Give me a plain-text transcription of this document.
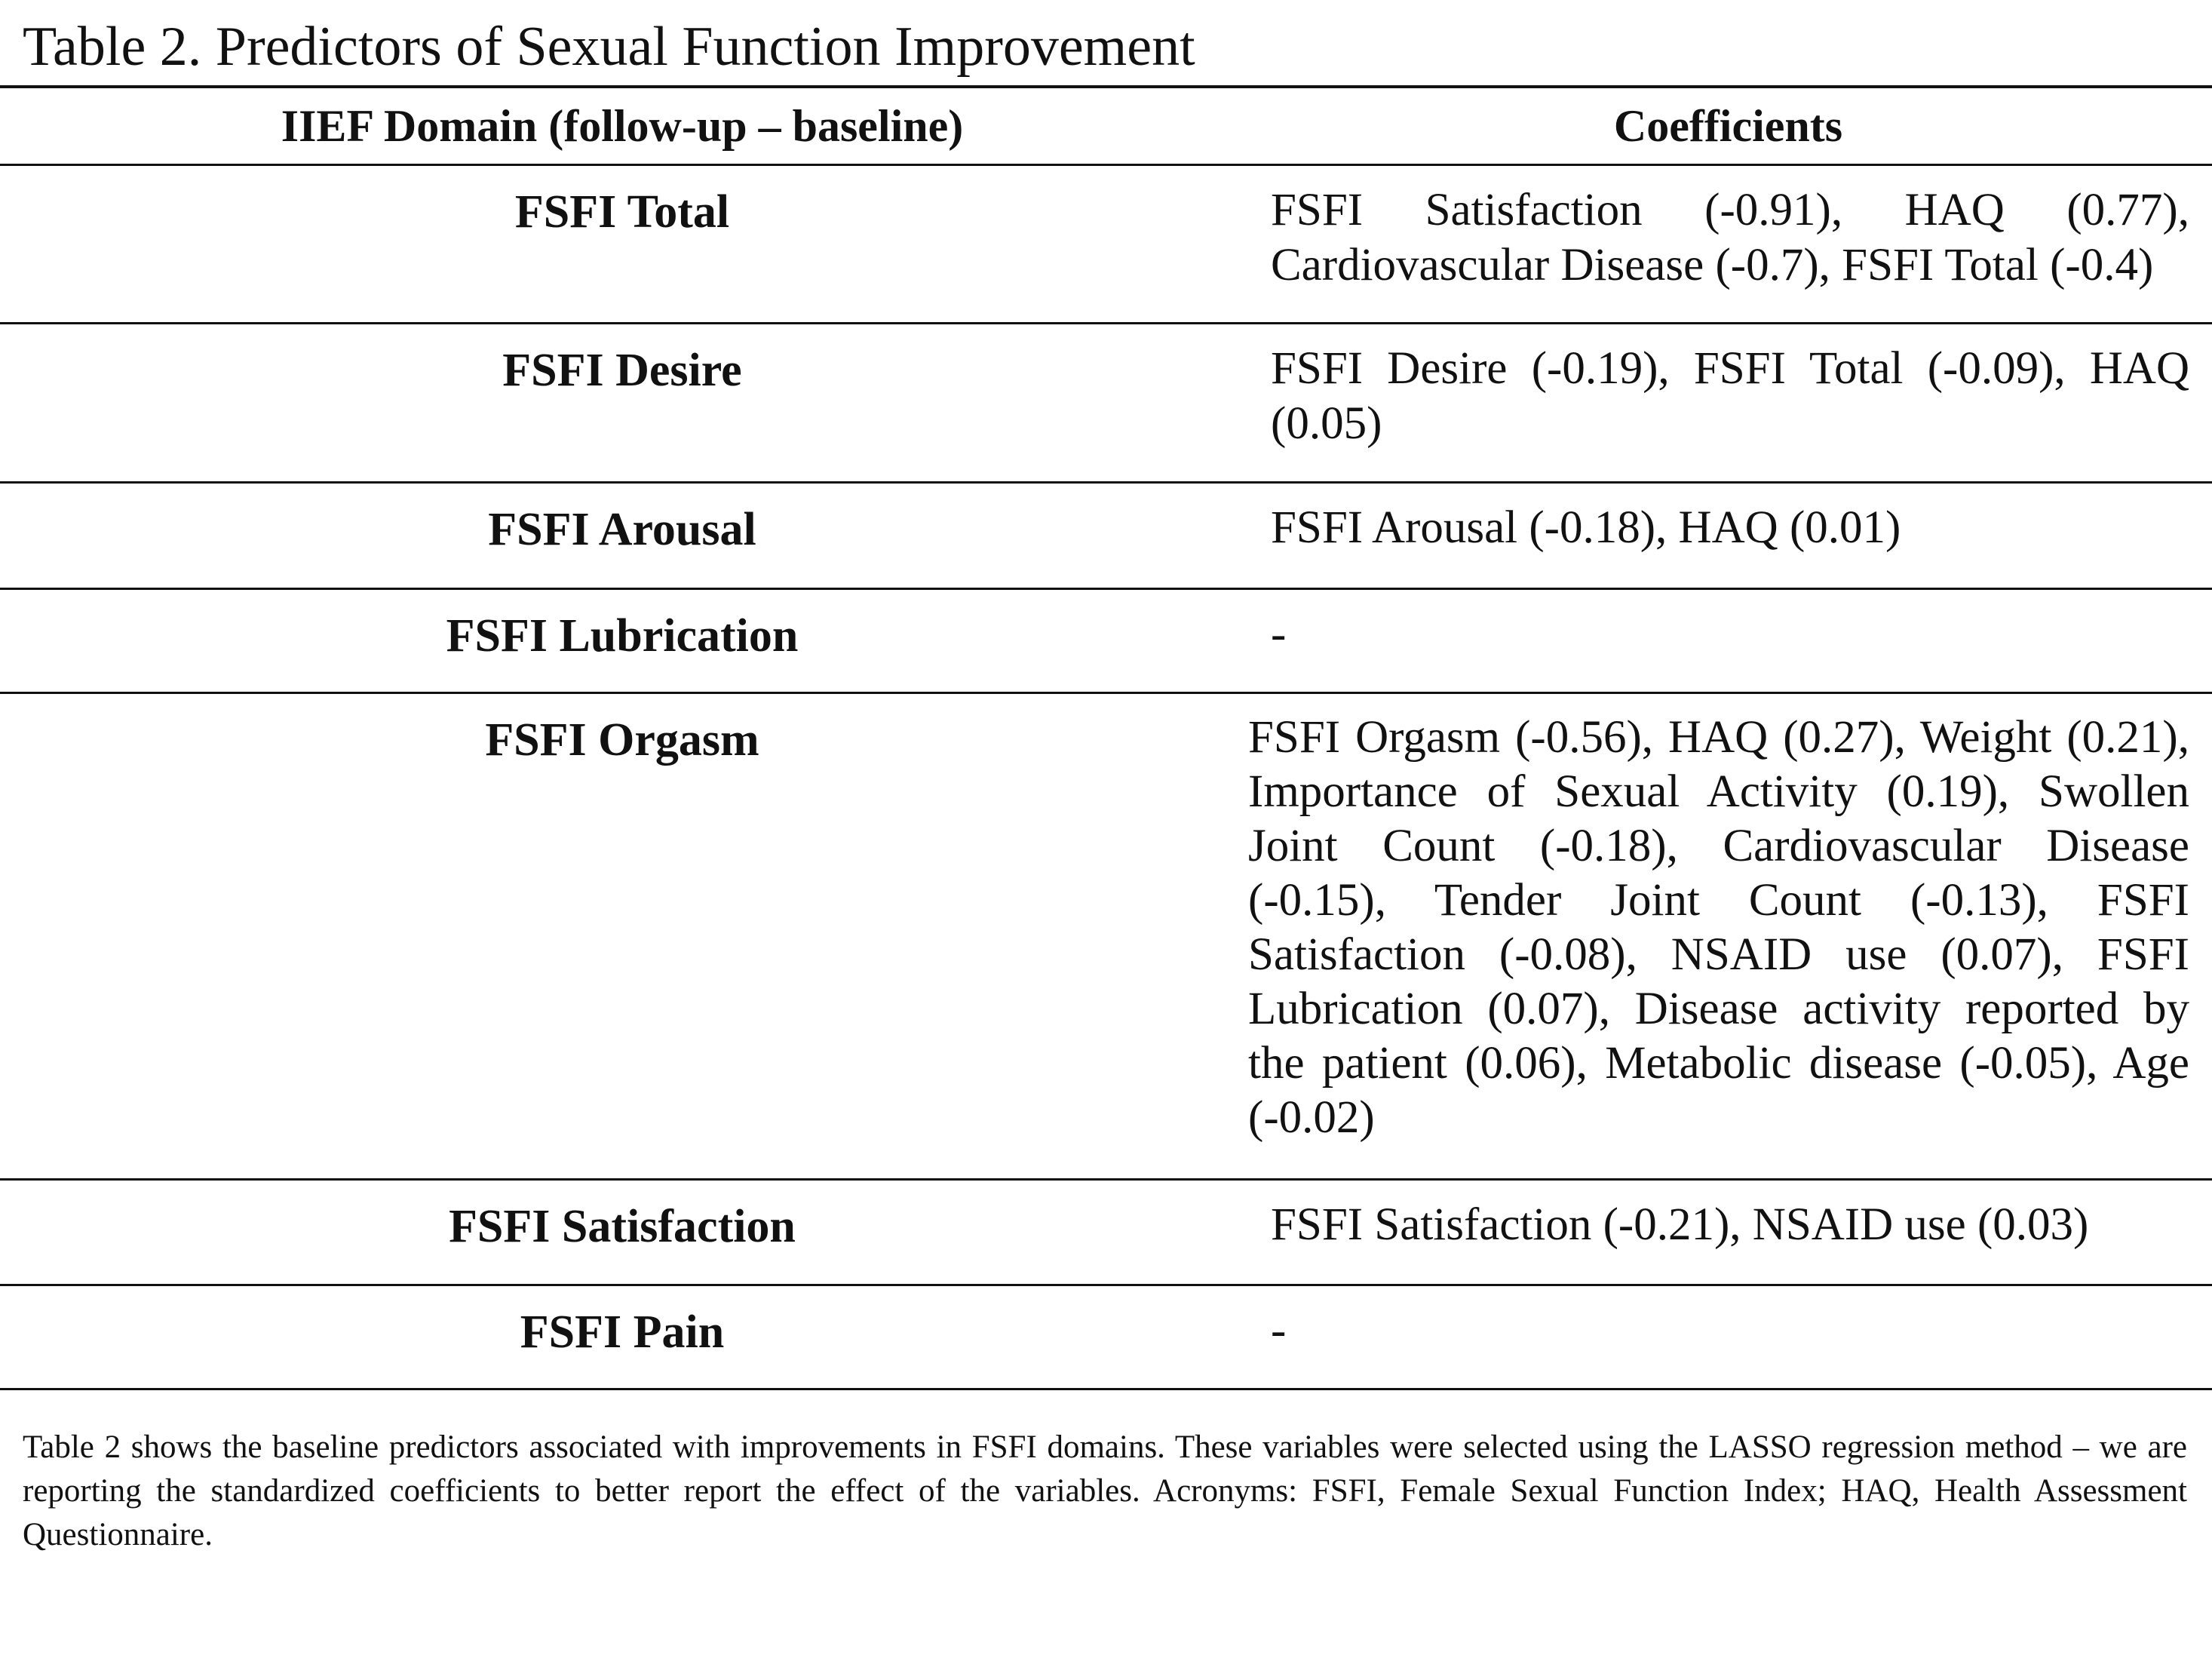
Table 2. Predictors of Sexual Function Improvement
IIEF Domain (follow-up – baseline)	Coefficients
FSFI Total	FSFI Satisfaction (-0.91), HAQ (0.77), Cardiovascular Disease (-0.7), FSFI Total (-0.4)
FSFI Desire	FSFI Desire (-0.19), FSFI Total (-0.09), HAQ (0.05)
FSFI Arousal	FSFI Arousal (-0.18), HAQ (0.01)
FSFI Lubrication	-
FSFI Orgasm	FSFI Orgasm (-0.56), HAQ (0.27), Weight (0.21), Importance of Sexual Activity (0.19), Swollen Joint Count (-0.18), Cardiovascular Disease (-0.15), Tender Joint Count (-0.13), FSFI Satisfaction (-0.08), NSAID use (0.07), FSFI Lubrication (0.07), Disease activity reported by the patient (0.06), Metabolic disease (-0.05), Age (-0.02)
FSFI Satisfaction	FSFI Satisfaction (-0.21), NSAID use (0.03)
FSFI Pain	-
Table 2 shows the baseline predictors associated with improvements in FSFI domains. These variables were selected using the LASSO regression method – we are reporting the standardized coefficients to better report the effect of the variables. Acronyms: FSFI, Female Sexual Function Index; HAQ, Health Assessment Questionnaire.
